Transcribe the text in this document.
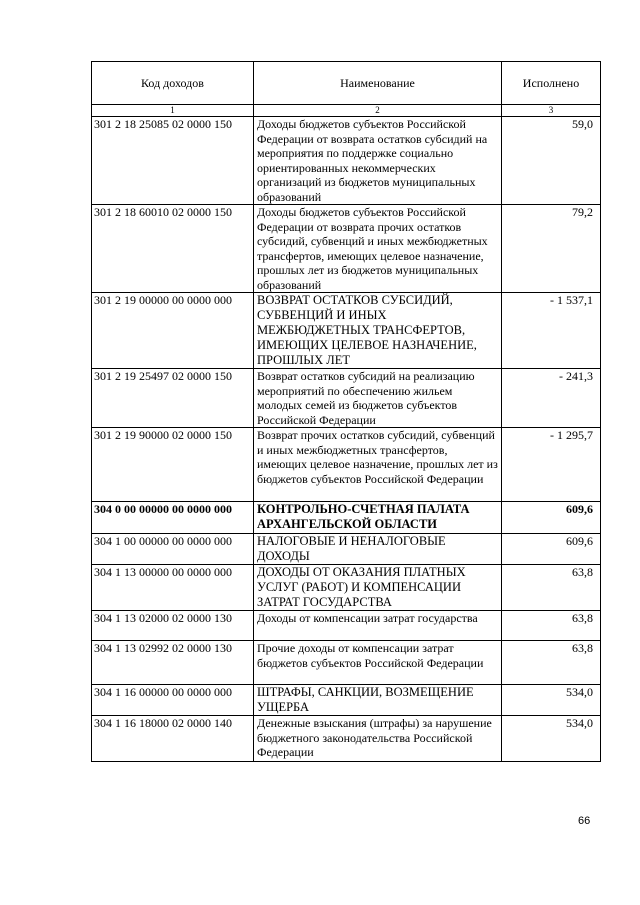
Код доходов	Наименование	Исполнено
1	2	3
301 2 18 25085 02 0000 150	Доходы бюджетов субъектов Российской Федерации от возврата остатков субсидий на мероприятия по поддержке социально ориентированных некоммерческих организаций из бюджетов муниципальных образований	59,0
301 2 18 60010 02 0000 150	Доходы бюджетов субъектов Российской Федерации от возврата прочих остатков субсидий, субвенций и иных межбюджетных трансфертов, имеющих целевое назначение, прошлых лет из бюджетов муниципальных образований	79,2
301 2 19 00000 00 0000 000	ВОЗВРАТ ОСТАТКОВ СУБСИДИЙ, СУБВЕНЦИЙ И ИНЫХ МЕЖБЮДЖЕТНЫХ ТРАНСФЕРТОВ, ИМЕЮЩИХ ЦЕЛЕВОЕ НАЗНАЧЕНИЕ, ПРОШЛЫХ ЛЕТ	- 1 537,1
301 2 19 25497 02 0000 150	Возврат остатков субсидий на реализацию мероприятий по обеспечению жильем молодых семей из бюджетов субъектов Российской Федерации	- 241,3
301 2 19 90000 02 0000 150	Возврат прочих остатков субсидий, субвенций и иных межбюджетных трансфертов, имеющих целевое назначение, прошлых лет из бюджетов субъектов Российской Федерации	- 1 295,7
304 0 00 00000 00 0000 000	КОНТРОЛЬНО-СЧЕТНАЯ ПАЛАТА АРХАНГЕЛЬСКОЙ ОБЛАСТИ	609,6
304 1 00 00000 00 0000 000	НАЛОГОВЫЕ И НЕНАЛОГОВЫЕ ДОХОДЫ	609,6
304 1 13 00000 00 0000 000	ДОХОДЫ ОТ ОКАЗАНИЯ ПЛАТНЫХ УСЛУГ (РАБОТ) И КОМПЕНСАЦИИ ЗАТРАТ ГОСУДАРСТВА	63,8
304 1 13 02000 02 0000 130	Доходы от компенсации затрат государства	63,8
304 1 13 02992 02 0000 130	Прочие доходы от компенсации затрат бюджетов субъектов Российской Федерации	63,8
304 1 16 00000 00 0000 000	ШТРАФЫ, САНКЦИИ, ВОЗМЕЩЕНИЕ УЩЕРБА	534,0
304 1 16 18000 02 0000 140	Денежные взыскания (штрафы) за нарушение бюджетного законодательства Российской Федерации	534,0
66
